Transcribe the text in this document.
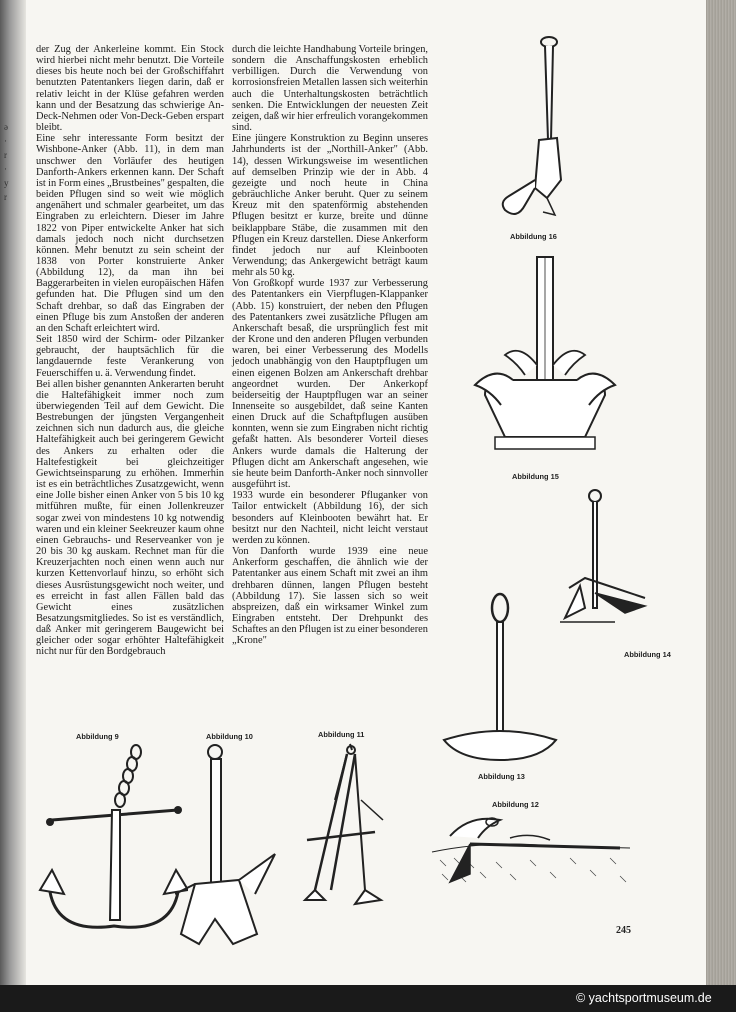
ǝ
·
r
·
y
r
der Zug der Ankerleine kommt. Ein Stock wird hierbei nicht mehr benutzt. Die Vorteile dieses bis heute noch bei der Großschiffahrt benutzten Patentankers liegen darin, daß er relativ leicht in der Klüse gefahren werden kann und der Besatzung das schwierige An-Deck-Nehmen oder Von-Deck-Geben erspart bleibt.
Eine sehr interessante Form besitzt der Wishbone-Anker (Abb. 11), in dem man unschwer den Vorläufer des heutigen Danforth-Ankers erkennen kann. Der Schaft ist in Form eines „Brustbeines" gespalten, die beiden Pflugen sind so weit wie möglich angenähert und schmaler gearbeitet, um das Eingraben zu erleichtern. Dieser im Jahre 1822 von Piper entwickelte Anker hat sich damals jedoch noch nicht durchsetzen können. Mehr benutzt zu sein scheint der 1838 von Porter konstruierte Anker (Abbildung 12), da man ihn bei Baggerarbeiten in vielen europäischen Häfen gefunden hat. Die Pflugen sind um den Schaft drehbar, so daß das Eingraben der einen Pfluge bis zum Anstoßen der anderen an den Schaft erleichtert wird.
Seit 1850 wird der Schirm- oder Pilzanker gebraucht, der hauptsächlich für die langdauernde feste Verankerung von Feuerschiffen u. ä. Verwendung findet.
Bei allen bisher genannten Ankerarten beruht die Haltefähigkeit immer noch zum überwiegenden Teil auf dem Gewicht. Die Bestrebungen der jüngsten Vergangenheit zeichnen sich nun dadurch aus, die gleiche Haltefähigkeit auch bei geringerem Gewicht des Ankers zu erhalten oder die Haltefestigkeit bei gleichzeitiger Gewichtseinsparung zu erhöhen. Immerhin ist es ein beträchtliches Zusatzgewicht, wenn eine Jolle bisher einen Anker von 5 bis 10 kg mitführen mußte, für einen Jollenkreuzer sogar zwei von mindestens 10 kg notwendig waren und ein kleiner Seekreuzer kaum ohne einen Gebrauchs- und Reserveanker von je 20 bis 30 kg auskam. Rechnet man für die Kreuzerjachten noch einen wenn auch nur kurzen Kettenvorlauf hinzu, so erhöht sich dieses Ausrüstungsgewicht noch weiter, und es erreicht in fast allen Fällen bald das Gewicht eines zusätzlichen Besatzungsmitgliedes. So ist es verständlich, daß Anker mit geringerem Baugewicht bei gleicher oder sogar erhöhter Haltefähigkeit nicht nur für den Bordgebrauch
durch die leichte Handhabung Vorteile bringen, sondern die Anschaffungskosten erheblich verbilligen. Durch die Verwendung von korrosionsfreien Metallen lassen sich weiterhin auch die Unterhaltungskosten beträchtlich senken. Die Entwicklungen der neuesten Zeit zeigen, daß wir hier erfreulich vorangekommen sind.
Eine jüngere Konstruktion zu Beginn unseres Jahrhunderts ist der „Northill-Anker" (Abb. 14), dessen Wirkungsweise im wesentlichen auf demselben Prinzip wie der in Abb. 4 gezeigte und noch heute in China gebräuchliche Anker beruht. Quer zu seinem Kreuz mit den spatenförmig abstehenden Pflugen besitzt er kurze, breite und dünne beiklappbare Stäbe, die zusammen mit den Pflugen ein Kreuz darstellen. Diese Ankerform findet jedoch nur auf Kleinbooten Verwendung; das Ankergewicht beträgt kaum mehr als 50 kg.
Von Großkopf wurde 1937 zur Verbesserung des Patentankers ein Vierpflugen-Klappanker (Abb. 15) konstruiert, der neben den Pflugen des Patentankers zwei zusätzliche Pflugen am Ankerschaft besaß, die ursprünglich fest mit der Krone und den anderen Pflugen verbunden waren, bei einer Verbesserung des Modells jedoch unabhängig von den Hauptpflugen um einen eigenen Bolzen am Ankerschaft drehbar angeordnet wurden. Der Ankerkopf beiderseitig der Hauptpflugen war an seiner Innenseite so ausgebildet, daß seine Kanten einen Druck auf die Schaftpflugen ausüben konnten, wenn sie zum Eingraben nicht richtig gefaßt hatten. Als besonderer Vorteil dieses Ankers wurde damals die Halterung der Pflugen dicht am Ankerschaft angesehen, wie sie heute beim Danforth-Anker noch sinnvoller ausgeführt ist.
1933 wurde ein besonderer Pfluganker von Tailor entwickelt (Abbildung 16), der sich besonders auf Kleinbooten bewährt hat. Er besitzt nur den Nachteil, nicht leicht verstaut werden zu können.
Von Danforth wurde 1939 eine neue Ankerform geschaffen, die ähnlich wie der Patentanker aus einem Schaft mit zwei an ihm drehbaren dünnen, langen Pflugen besteht (Abbildung 17). Sie lassen sich so weit abspreizen, daß ein wirksamer Winkel zum Eingraben entsteht. Der Drehpunkt des Schaftes an den Pflugen ist zu einer besonderen „Krone"
Abbildung 16
Abbildung 15
Abbildung 14
Abbildung 13
Abbildung 12
Abbildung 9	Abbildung 10	Abbildung 11
245
© yachtsportmuseum.de
